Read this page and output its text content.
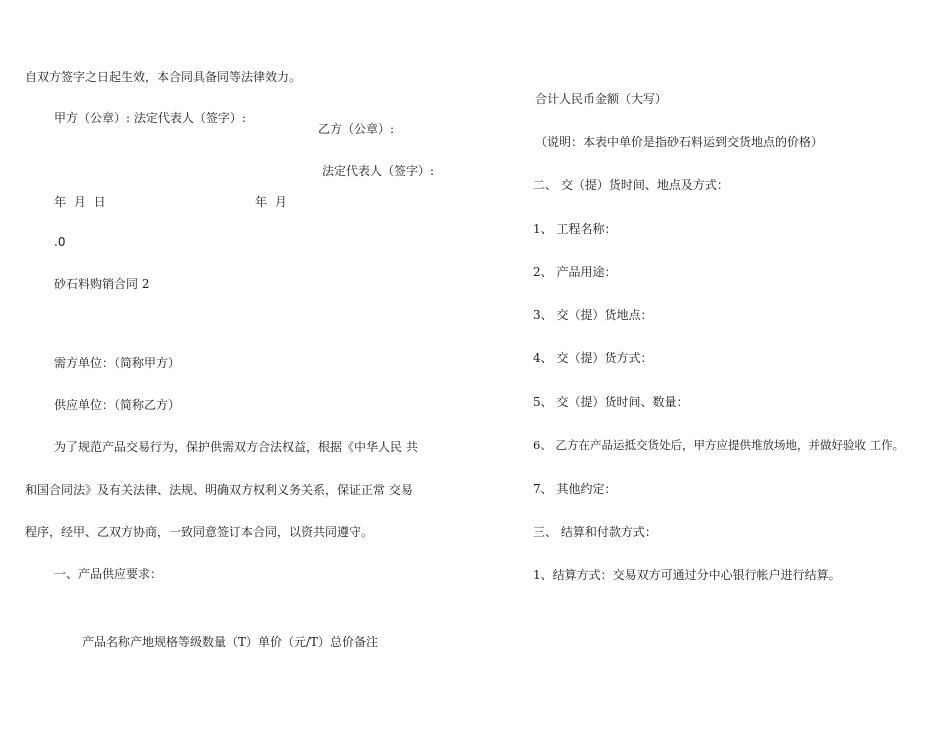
自双方签字之日起生效，本合同具备同等法律效力。
甲方（公章）: 法定代表人（签字）:
乙方（公章）:
法定代表人（签字）:
年 月 日	年 月
.0
砂石料购销合同 2
需方单位：（简称甲方）
供应单位：（简称乙方）
为了规范产品交易行为，保护供需双方合法权益，根据《中华人民 共
和国合同法》及有关法律、法规、明确双方权利义务关系，保证正常 交易
程序，经甲、乙双方协商，一致同意签订本合同，以资共同遵守。
一、产品供应要求：
产品名称产地规格等级数量（T）单价（元/T）总价备注
合计人民币金额（大写）
（说明：本表中单价是指砂石料运到交货地点的价格）
二、 交（提）货时间、地点及方式：
1、 工程名称：
2、 产品用途：
3、 交（提）货地点：
4、 交（提）货方式：
5、 交（提）货时间、数量：
6、 乙方在产品运抵交货处后，甲方应提供堆放场地，并做好验收 工作。
7、 其他约定：
三、 结算和付款方式：
1、结算方式：交易双方可通过分中心银行帐户进行结算。
